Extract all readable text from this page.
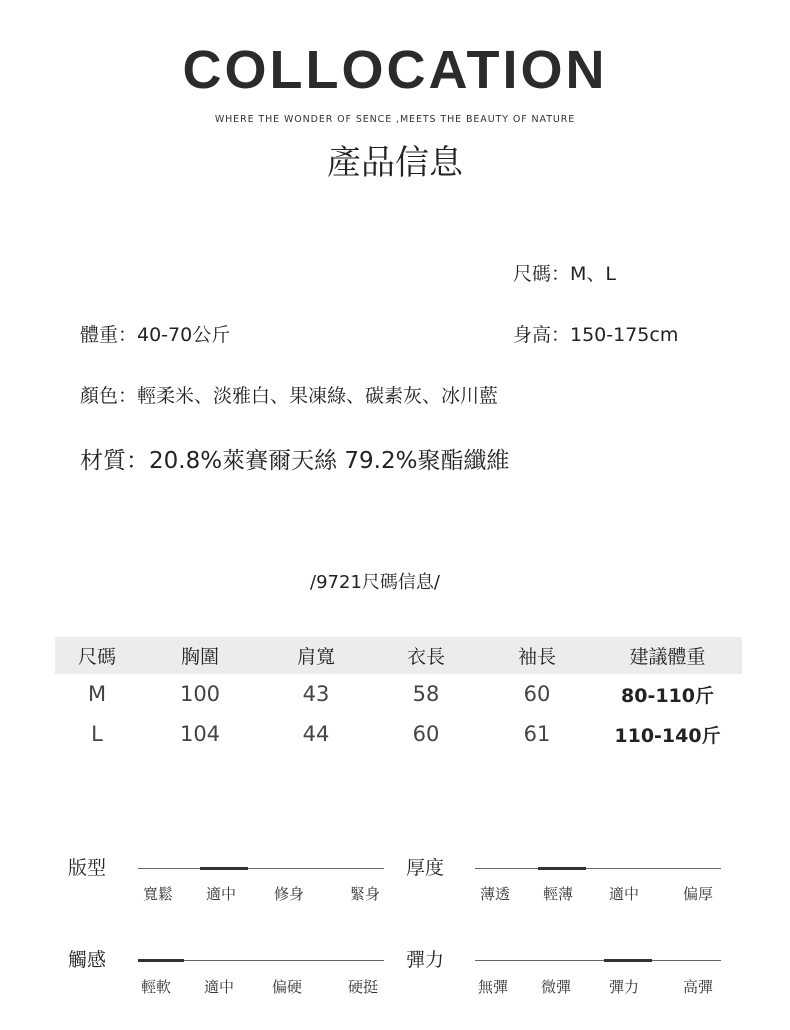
COLLOCATION
WHERE THE WONDER OF SENCE ,MEETS THE BEAUTY OF NATURE
產品信息
尺碼：M、L
體重：40-70公斤	身高：150-175cm
顏色：輕柔米、淡雅白、果凍綠、碳素灰、冰川藍
材質：20.8%萊賽爾天絲 79.2%聚酯纖維
/9721尺碼信息/
尺碼	胸圍	肩寬	衣長	袖長	建議體重
M	100	43	58	60	80-110斤
L	104	44	60	61	110-140斤
版型
寬鬆	適中	修身	緊身
厚度
薄透	輕薄	適中	偏厚
觸感
輕軟	適中	偏硬	硬挺
彈力
無彈	微彈	彈力	高彈
